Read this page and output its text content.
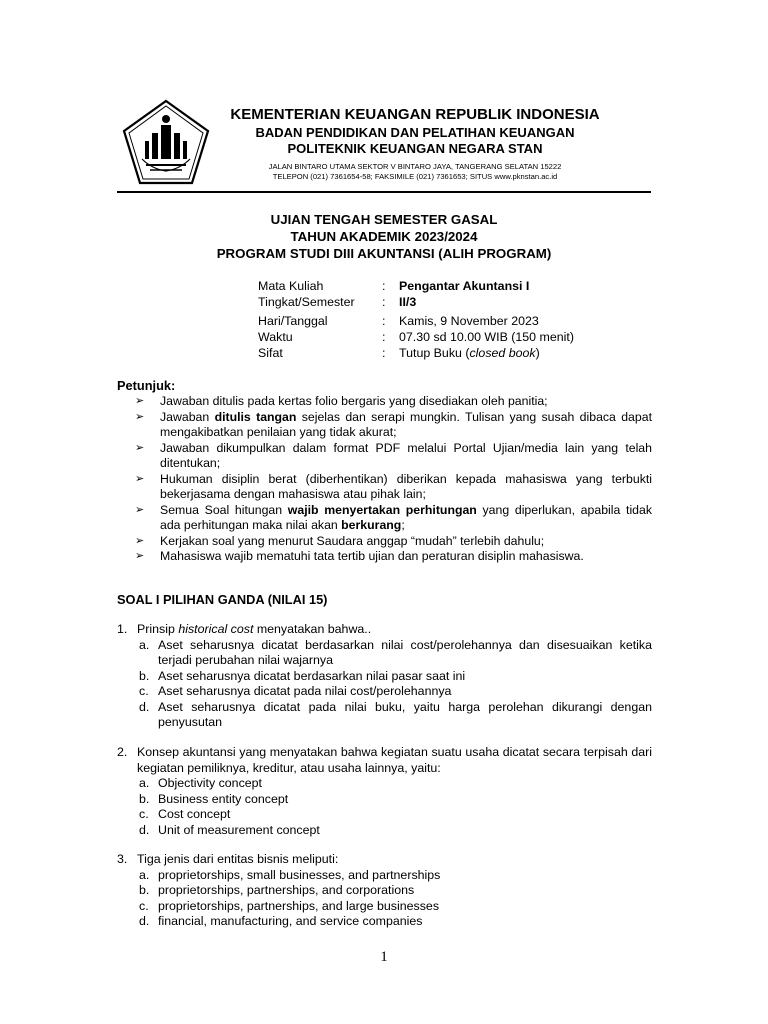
KEMENTERIAN KEUANGAN REPUBLIK INDONESIA
BADAN PENDIDIKAN DAN PELATIHAN KEUANGAN
POLITEKNIK KEUANGAN NEGARA STAN
JALAN BINTARO UTAMA SEKTOR V BINTARO JAYA, TANGERANG SELATAN 15222
TELEPON (021) 7361654-58; FAKSIMILE (021) 7361653; SITUS www.pknstan.ac.id
UJIAN TENGAH SEMESTER GASAL
TAHUN AKADEMIK 2023/2024
PROGRAM STUDI DIII AKUNTANSI (ALIH PROGRAM)
Mata Kuliah	: Pengantar Akuntansi I
Tingkat/Semester : II/3
Hari/Tanggal	: Kamis, 9 November 2023
Waktu	: 07.30 sd 10.00 WIB (150 menit)
Sifat	: Tutup Buku (closed book)
Petunjuk:
➢ Jawaban ditulis pada kertas folio bergaris yang disediakan oleh panitia;
➢ Jawaban ditulis tangan sejelas dan serapi mungkin. Tulisan yang susah dibaca dapat mengakibatkan penilaian yang tidak akurat;
➢ Jawaban dikumpulkan dalam format PDF melalui Portal Ujian/media lain yang telah ditentukan;
➢ Hukuman disiplin berat (diberhentikan) diberikan kepada mahasiswa yang terbukti bekerjasama dengan mahasiswa atau pihak lain;
➢ Semua Soal hitungan wajib menyertakan perhitungan yang diperlukan, apabila tidak ada perhitungan maka nilai akan berkurang;
➢ Kerjakan soal yang menurut Saudara anggap “mudah” terlebih dahulu;
➢ Mahasiswa wajib mematuhi tata tertib ujian dan peraturan disiplin mahasiswa.
SOAL I PILIHAN GANDA (NILAI 15)
1. Prinsip historical cost menyatakan bahwa..
a. Aset seharusnya dicatat berdasarkan nilai cost/perolehannya dan disesuaikan ketika terjadi perubahan nilai wajarnya
b. Aset seharusnya dicatat berdasarkan nilai pasar saat ini
c. Aset seharusnya dicatat pada nilai cost/perolehannya
d. Aset seharusnya dicatat pada nilai buku, yaitu harga perolehan dikurangi dengan penyusutan
2. Konsep akuntansi yang menyatakan bahwa kegiatan suatu usaha dicatat secara terpisah dari kegiatan pemiliknya, kreditur, atau usaha lainnya, yaitu:
a. Objectivity concept
b. Business entity concept
c. Cost concept
d. Unit of measurement concept
3. Tiga jenis dari entitas bisnis meliputi:
a. proprietorships, small businesses, and partnerships
b. proprietorships, partnerships, and corporations
c. proprietorships, partnerships, and large businesses
d. financial, manufacturing, and service companies
1
